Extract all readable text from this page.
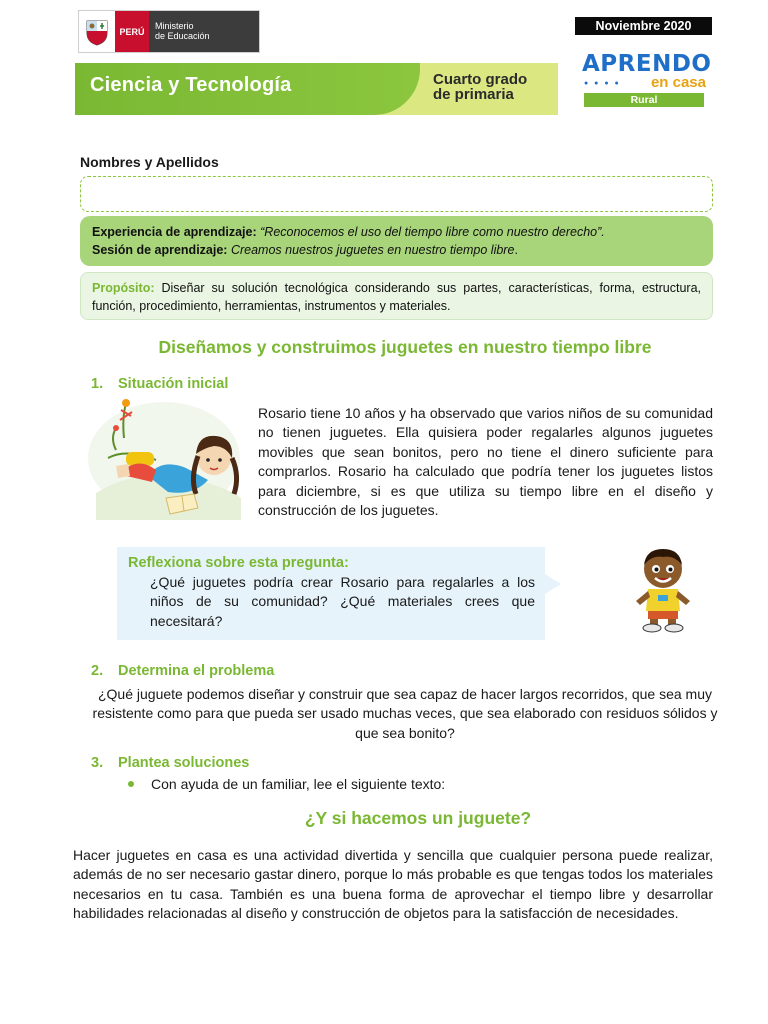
PERÚ
Ministerio
de Educación
Noviembre 2020
Ciencia y Tecnología	Cuarto grado
de primaria
APRENDO
● ● ● ●	en casa
Rural
Nombres y Apellidos
Experiencia de aprendizaje: “Reconocemos el uso del tiempo libre como nuestro derecho”.
Sesión de aprendizaje: Creamos nuestros juguetes en nuestro tiempo libre.
Propósito: Diseñar su solución tecnológica considerando sus partes, características, forma, estructura, función, procedimiento, herramientas, instrumentos y materiales.
Diseñamos y construimos juguetes en nuestro tiempo libre
1. Situación inicial
Rosario tiene 10 años y ha observado que varios niños de su comunidad no tienen juguetes. Ella quisiera poder regalarles algunos juguetes movibles que sean bonitos, pero no tiene el dinero suficiente para comprarlos. Rosario ha calculado que podría tener los juguetes listos para diciembre, si es que utiliza su tiempo libre en el diseño y construcción de los juguetes.
Reflexiona sobre esta pregunta:
¿Qué juguetes podría crear Rosario para regalarles a los niños de su comunidad? ¿Qué materiales crees que necesitará?
2. Determina el problema
¿Qué juguete podemos diseñar y construir que sea capaz de hacer largos recorridos, que sea muy resistente como para que pueda ser usado muchas veces, que sea elaborado con residuos sólidos y que sea bonito?
3. Plantea soluciones
Con ayuda de un familiar, lee el siguiente texto:
¿Y si hacemos un juguete?
Hacer juguetes en casa es una actividad divertida y sencilla que cualquier persona puede realizar, además de no ser necesario gastar dinero, porque lo más probable es que tengas todos los materiales necesarios en tu casa. También es una buena forma de aprovechar el tiempo libre y desarrollar habilidades relacionadas al diseño y construcción de objetos para la satisfacción de necesidades.
